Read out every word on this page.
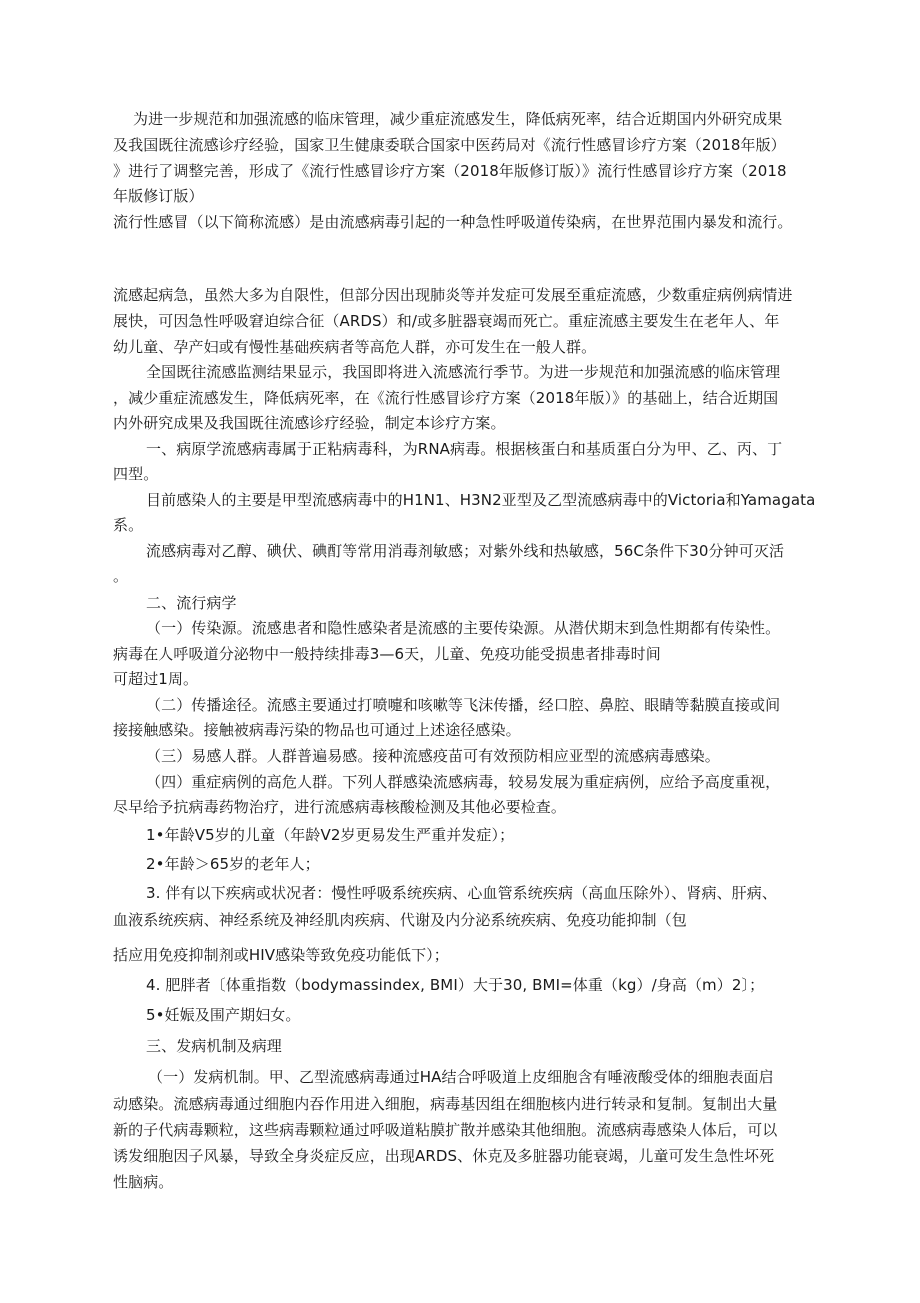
为进一步规范和加强流感的临床管理，减少重症流感发生，降低病死率，结合近期国内外研究成果
及我国既往流感诊疗经验，国家卫生健康委联合国家中医药局对《流行性感冒诊疗方案（2018年版）
》进行了调整完善，形成了《流行性感冒诊疗方案（2018年版修订版）》流行性感冒诊疗方案（2018
年版修订版）
流行性感冒（以下简称流感）是由流感病毒引起的一种急性呼吸道传染病，在世界范围内暴发和流行。
流感起病急，虽然大多为自限性，但部分因出现肺炎等并发症可发展至重症流感，少数重症病例病情进
展快，可因急性呼吸窘迫综合征（ARDS）和/或多脏器衰竭而死亡。重症流感主要发生在老年人、年
幼儿童、孕产妇或有慢性基础疾病者等高危人群，亦可发生在一般人群。
全国既往流感监测结果显示，我国即将进入流感流行季节。为进一步规范和加强流感的临床管理
，减少重症流感发生，降低病死率，在《流行性感冒诊疗方案（2018年版）》的基础上，结合近期国
内外研究成果及我国既往流感诊疗经验，制定本诊疗方案。
一、病原学流感病毒属于正粘病毒科，为RNA病毒。根据核蛋白和基质蛋白分为甲、乙、丙、丁
四型。
目前感染人的主要是甲型流感病毒中的H1N1、H3N2亚型及乙型流感病毒中的Victoria和Yamagata
系。
流感病毒对乙醇、碘伏、碘酊等常用消毒剂敏感；对紫外线和热敏感，56C条件下30分钟可灭活
。
二、流行病学
（一）传染源。流感患者和隐性感染者是流感的主要传染源。从潜伏期末到急性期都有传染性。
病毒在人呼吸道分泌物中一般持续排毒3—6天，儿童、免疫功能受损患者排毒时间
可超过1周。
（二）传播途径。流感主要通过打喷嚏和咳嗽等飞沫传播，经口腔、鼻腔、眼睛等黏膜直接或间
接接触感染。接触被病毒污染的物品也可通过上述途径感染。
（三）易感人群。人群普遍易感。接种流感疫苗可有效预防相应亚型的流感病毒感染。
（四）重症病例的高危人群。下列人群感染流感病毒，较易发展为重症病例，应给予高度重视，
尽早给予抗病毒药物治疗，进行流感病毒核酸检测及其他必要检查。
1•年龄V5岁的儿童（年龄V2岁更易发生严重并发症）；
2•年龄＞65岁的老年人；
3. 伴有以下疾病或状况者：慢性呼吸系统疾病、心血管系统疾病（高血压除外）、肾病、肝病、
血液系统疾病、神经系统及神经肌肉疾病、代谢及内分泌系统疾病、免疫功能抑制（包
括应用免疫抑制剂或HIV感染等致免疫功能低下）；
4. 肥胖者〔体重指数（bodymassindex, BMI）大于30, BMI=体重（kg）/身高（m）2〕；
5•妊娠及围产期妇女。
三、发病机制及病理
（一）发病机制。甲、乙型流感病毒通过HA结合呼吸道上皮细胞含有唾液酸受体的细胞表面启
动感染。流感病毒通过细胞内吞作用进入细胞，病毒基因组在细胞核内进行转录和复制。复制出大量
新的子代病毒颗粒，这些病毒颗粒通过呼吸道粘膜扩散并感染其他细胞。流感病毒感染人体后，可以
诱发细胞因子风暴，导致全身炎症反应，出现ARDS、休克及多脏器功能衰竭，儿童可发生急性坏死
性脑病。
